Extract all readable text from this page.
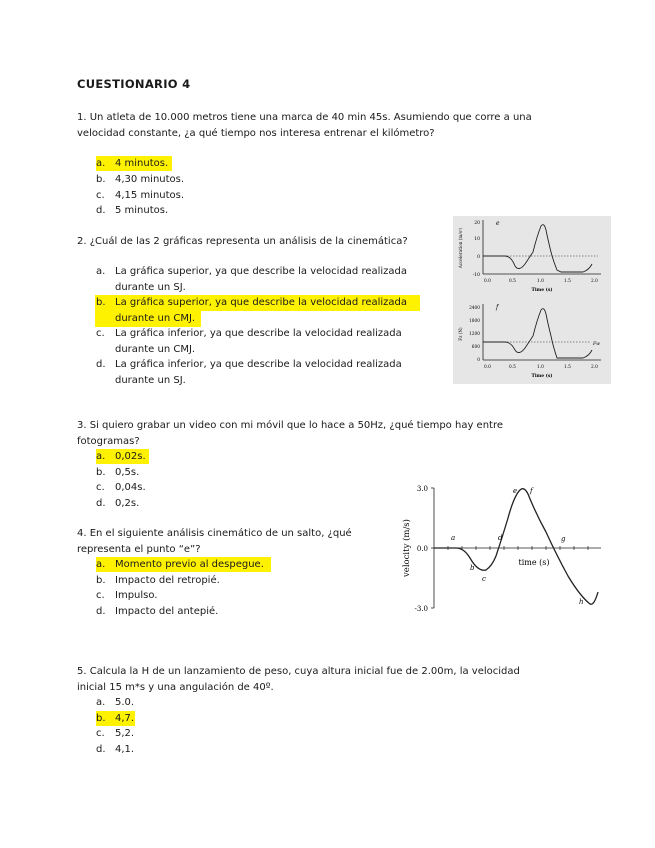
CUESTIONARIO 4
1. Un atleta de 10.000 metros tiene una marca de 40 min 45s. Asumiendo que corre a una
velocidad constante, ¿a qué tiempo nos interesa entrenar el kilómetro?
a. 4 minutos.
b. 4,30 minutos.
c.	4,15 minutos.
d. 5 minutos.
2. ¿Cuál de las 2 gráficas representa un análisis de la cinemática?
a. La gráfica superior, ya que describe la velocidad realizada
durante un SJ.
b. La gráfica superior, ya que describe la velocidad realizada
durante un CMJ.
c. La gráfica inferior, ya que describe la velocidad realizada
durante un CMJ.
d. La gráfica inferior, ya que describe la velocidad realizada
durante un SJ.
e
Acceleration (m/s²)
20
10
0
-10
0.0	0.5	1.0	1.5	2.0
Time (s)
f
Fz (N)
2400
1800
1200
600
0
Fw
0.0	0.5	1.0	1.5	2.0
Time (s)
3. Si quiero grabar un video con mi móvil que lo hace a 50Hz, ¿qué tiempo hay entre
fotogramas?
a. 0,02s.
b. 0,5s.
c.	0,04s.
d. 0,2s.
4. En el siguiente análisis cinemático de un salto, ¿qué
representa el punto “e”?
a. Momento previo al despegue.
b. Impacto del retropié.
c.	Impulso.
d. Impacto del antepié.
velocity (m/s)
3.0
0.0
-3.0
time (s)
a
b
c
d
e f
g
h
5. Calcula la H de un lanzamiento de peso, cuya altura inicial fue de 2.00m, la velocidad
inicial 15 m*s y una angulación de 40º.
a. 5.0.
b. 4,7.
c.	5,2.
d. 4,1.
